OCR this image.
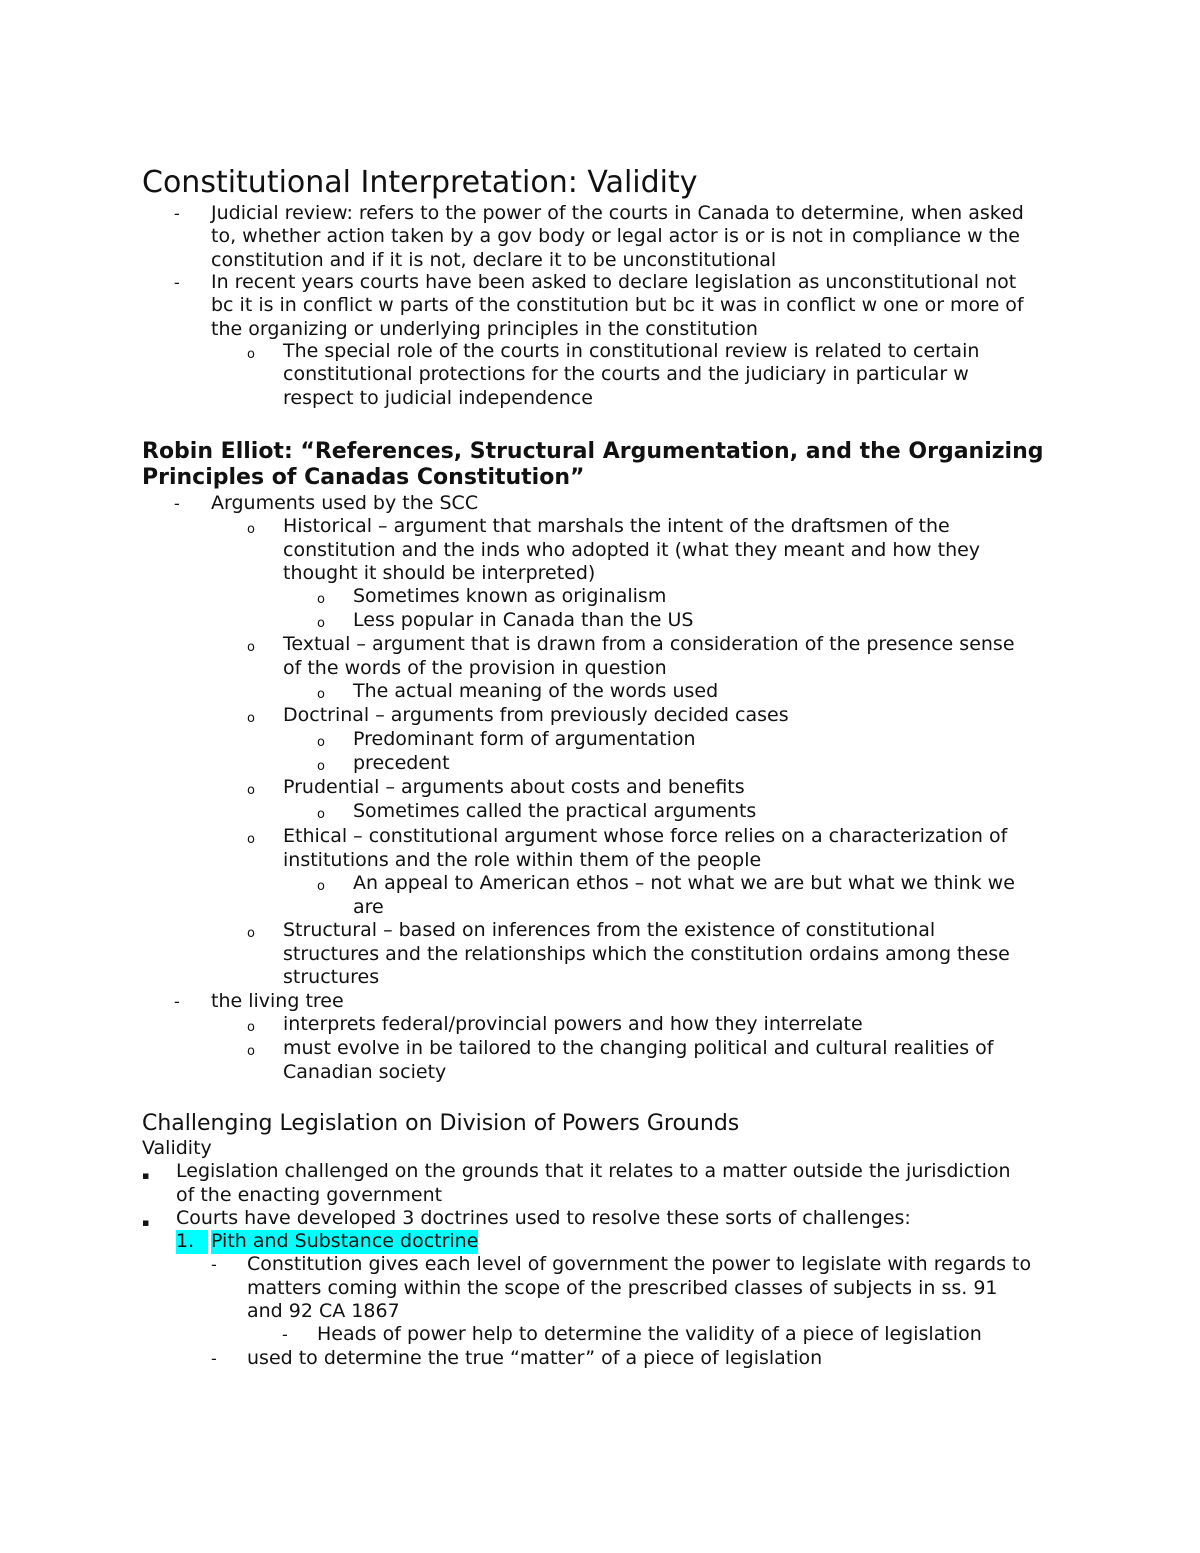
Constitutional Interpretation: Validity
- Judicial review: refers to the power of the courts in Canada to determine, when asked
to, whether action taken by a gov body or legal actor is or is not in compliance w the
constitution and if it is not, declare it to be unconstitutional
- In recent years courts have been asked to declare legislation as unconstitutional not
bc it is in conflict w parts of the constitution but bc it was in conflict w one or more of
the organizing or underlying principles in the constitution
o The special role of the courts in constitutional review is related to certain
constitutional protections for the courts and the judiciary in particular w
respect to judicial independence
Robin Elliot: “References, Structural Argumentation, and the Organizing
Principles of Canadas Constitution”
- Arguments used by the SCC
o Historical – argument that marshals the intent of the draftsmen of the
constitution and the inds who adopted it (what they meant and how they
thought it should be interpreted)
o Sometimes known as originalism
o Less popular in Canada than the US
o Textual – argument that is drawn from a consideration of the presence sense
of the words of the provision in question
o The actual meaning of the words used
o Doctrinal – arguments from previously decided cases
o Predominant form of argumentation
o precedent
o Prudential – arguments about costs and benefits
o Sometimes called the practical arguments
o Ethical – constitutional argument whose force relies on a characterization of
institutions and the role within them of the people
o An appeal to American ethos – not what we are but what we think we
are
o Structural – based on inferences from the existence of constitutional
structures and the relationships which the constitution ordains among these
structures
- the living tree
o interprets federal/provincial powers and how they interrelate
o must evolve in be tailored to the changing political and cultural realities of
Canadian society
Challenging Legislation on Division of Powers Grounds
Validity
▪ Legislation challenged on the grounds that it relates to a matter outside the jurisdiction
of the enacting government
▪ Courts have developed 3 doctrines used to resolve these sorts of challenges:
1. Pith and Substance doctrine
- Constitution gives each level of government the power to legislate with regards to
matters coming within the scope of the prescribed classes of subjects in ss. 91
and 92 CA 1867
- Heads of power help to determine the validity of a piece of legislation
- used to determine the true “matter” of a piece of legislation
